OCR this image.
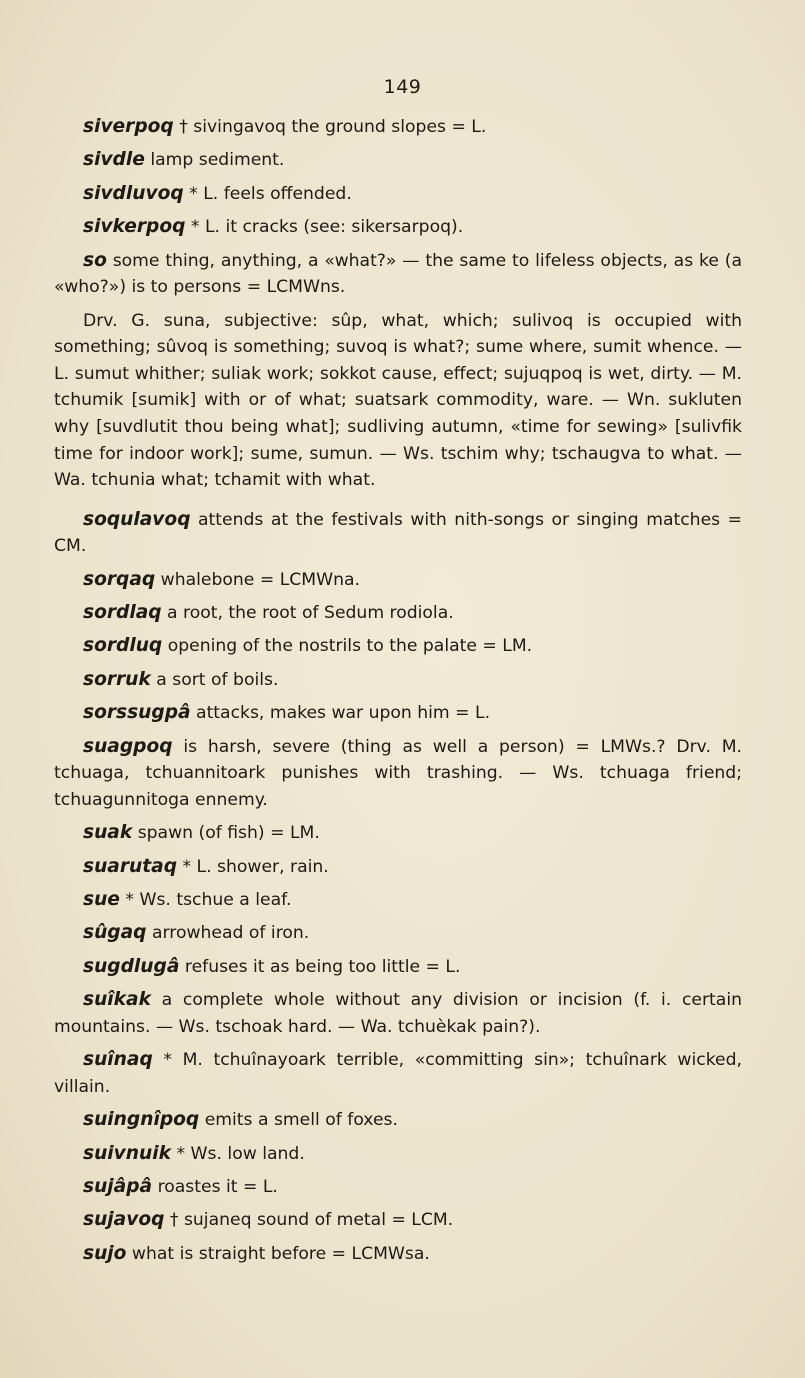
149

siverpoq † sivingavoq the ground slopes = L.

sivdle lamp sediment.

sivdluvoq * L. feels offended.

sivkerpoq * L. it cracks (see: sikersarpoq).

so some thing, anything, a «what?» — the same to lifeless objects, as ke (a «who?») is to persons = LCMWns.

Drv. G. suna, subjective: sûp, what, which; sulivoq is occupied with something; sûvoq is something; suvoq is what?; sume where, sumit whence. — L. sumut whither; suliak work; sokkot cause, effect; sujuqpoq is wet, dirty. — M. tchumik [sumik] with or of what; suatsark commodity, ware. — Wn. sukluten why [suvdlutit thou being what]; sudliving autumn, «time for sewing» [sulivfik time for indoor work]; sume, sumun. — Ws. tschim why; tschaugva to what. — Wa. tchunia what; tchamit with what.

soqulavoq attends at the festivals with nith-songs or singing matches = CM.

sorqaq whalebone = LCMWna.

sordlaq a root, the root of Sedum rodiola.

sordluq opening of the nostrils to the palate = LM.

sorruk a sort of boils.

sorssugpâ attacks, makes war upon him = L.

suagpoq is harsh, severe (thing as well a person) = LMWs.? Drv. M. tchuaga, tchuannitoark punishes with trashing. — Ws. tchuaga friend; tchuagunnitoga ennemy.

suak spawn (of fish) = LM.

suarutaq * L. shower, rain.

sue * Ws. tschue a leaf.

sûgaq arrowhead of iron.

sugdlugâ refuses it as being too little = L.

suîkak a complete whole without any division or incision (f. i. certain mountains. — Ws. tschoak hard. — Wa. tchuèkak pain?).

suînaq * M. tchuînayoark terrible, «committing sin»; tchuînark wicked, villain.

suingnîpoq emits a smell of foxes.

suivnuik * Ws. low land.

sujâpâ roastes it = L.

sujavoq † sujaneq sound of metal = LCM.

sujo what is straight before = LCMWsa.
